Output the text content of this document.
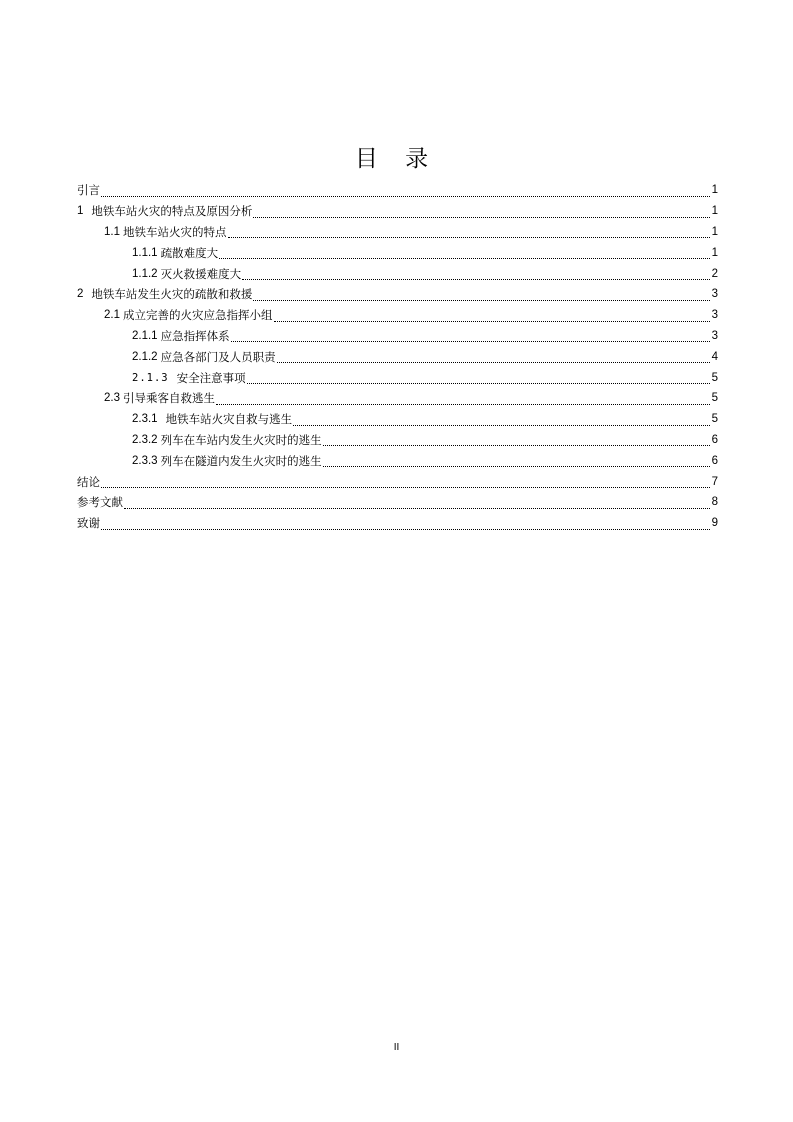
目 录
引言	1
1 地铁车站火灾的特点及原因分析	1
1.1 地铁车站火灾的特点	1
1.1.1 疏散难度大	1
1.1.2 灭火救援难度大	2
2 地铁车站发生火灾的疏散和救援	3
2.1 成立完善的火灾应急指挥小组	3
2.1.1 应急指挥体系	3
2.1.2 应急各部门及人员职责	4
2.1.3 安全注意事项	5
2.3 引导乘客自救逃生	5
2.3.1 地铁车站火灾自救与逃生	5
2.3.2 列车在车站内发生火灾时的逃生	6
2.3.3 列车在隧道内发生火灾时的逃生	6
结论	7
参考文献	8
致谢	9
II
